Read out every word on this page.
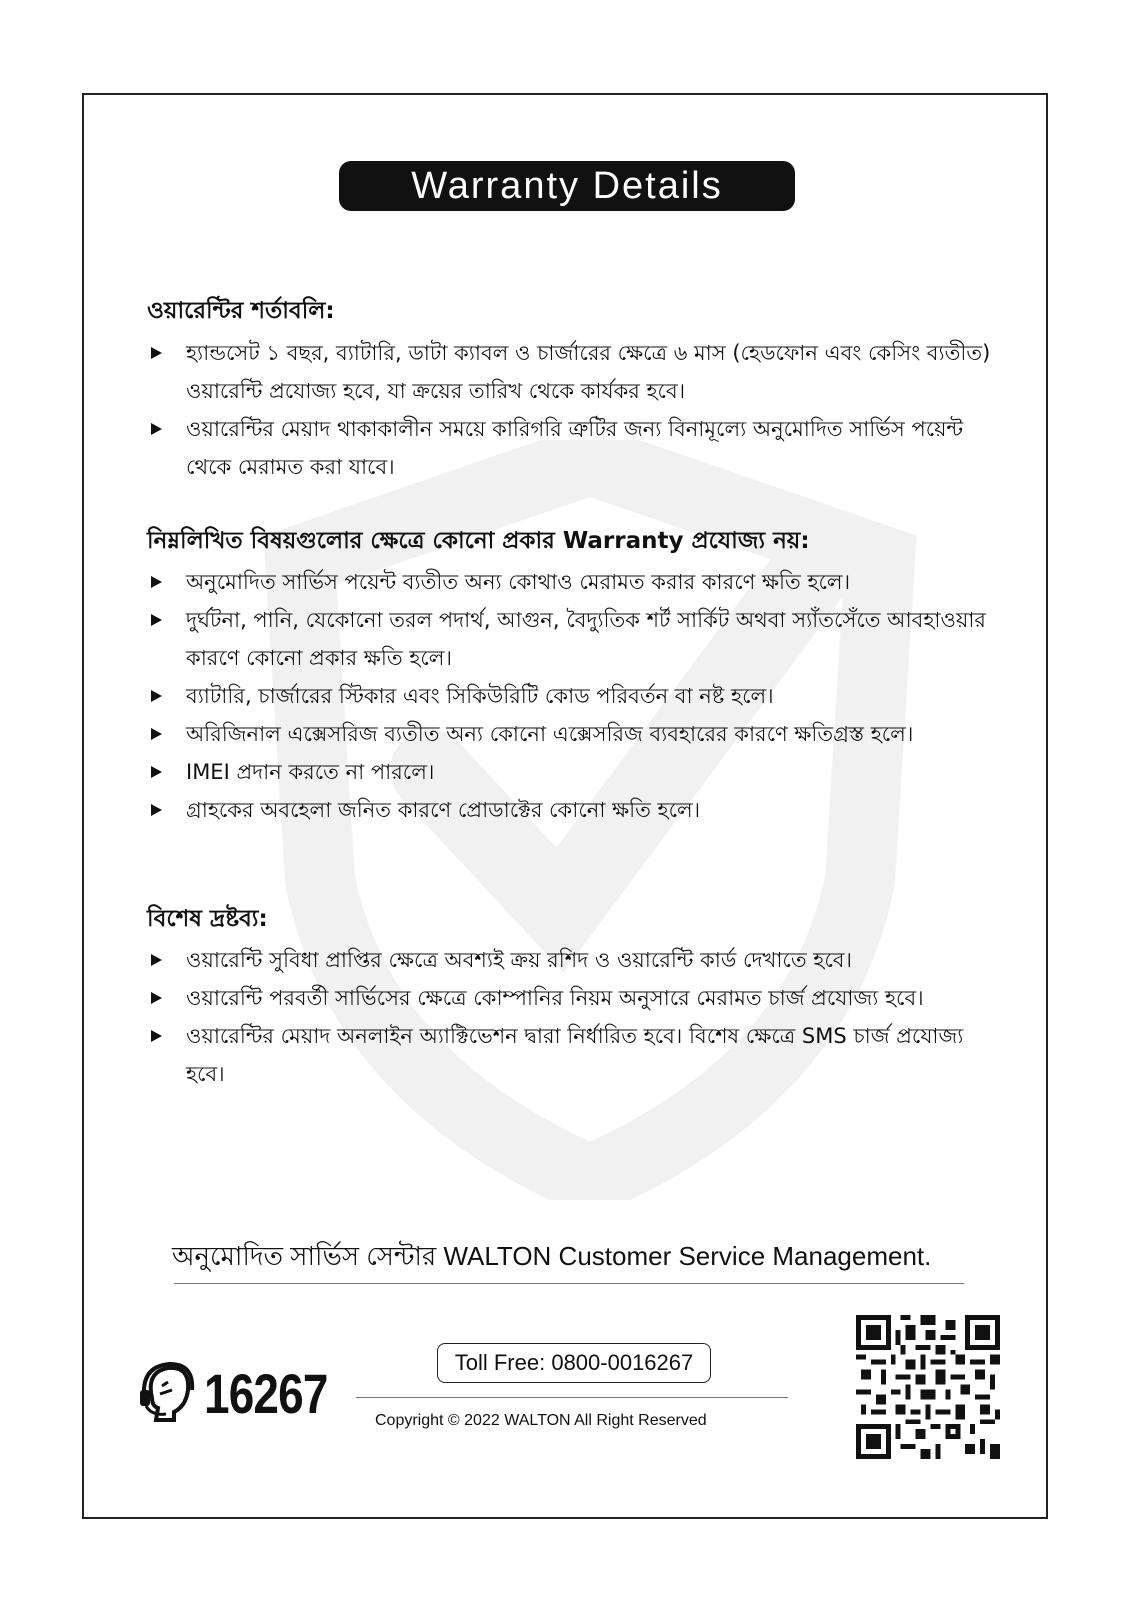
Warranty Details
ওয়ারেন্টির শর্তাবলি:
হ্যান্ডসেট ১ বছর, ব্যাটারি, ডাটা ক্যাবল ও চার্জারের ক্ষেত্রে ৬ মাস (হেডফোন এবং কেসিং ব্যতীত) ওয়ারেন্টি প্রযোজ্য হবে, যা ক্রয়ের তারিখ থেকে কার্যকর হবে।
ওয়ারেন্টির মেয়াদ থাকাকালীন সময়ে কারিগরি ত্রুটির জন্য বিনামূল্যে অনুমোদিত সার্ভিস পয়েন্ট থেকে মেরামত করা যাবে।
নিম্নলিখিত বিষয়গুলোর ক্ষেত্রে কোনো প্রকার Warranty প্রযোজ্য নয়:
অনুমোদিত সার্ভিস পয়েন্ট ব্যতীত অন্য কোথাও মেরামত করার কারণে ক্ষতি হলে।
দুর্ঘটনা, পানি, যেকোনো তরল পদার্থ, আগুন, বৈদ্যুতিক শর্ট সার্কিট অথবা স্যাঁতসেঁতে আবহাওয়ার কারণে কোনো প্রকার ক্ষতি হলে।
ব্যাটারি, চার্জারের স্টিকার এবং সিকিউরিটি কোড পরিবর্তন বা নষ্ট হলে।
অরিজিনাল এক্সেসরিজ ব্যতীত অন্য কোনো এক্সেসরিজ ব্যবহারের কারণে ক্ষতিগ্রস্ত হলে।
IMEI প্রদান করতে না পারলে।
গ্রাহকের অবহেলা জনিত কারণে প্রোডাক্টের কোনো ক্ষতি হলে।
বিশেষ দ্রষ্টব্য:
ওয়ারেন্টি সুবিধা প্রাপ্তির ক্ষেত্রে অবশ্যই ক্রয় রশিদ ও ওয়ারেন্টি কার্ড দেখাতে হবে।
ওয়ারেন্টি পরবর্তী সার্ভিসের ক্ষেত্রে কোম্পানির নিয়ম অনুসারে মেরামত চার্জ প্রযোজ্য হবে।
ওয়ারেন্টির মেয়াদ অনলাইন অ্যাক্টিভেশন দ্বারা নির্ধারিত হবে। বিশেষ ক্ষেত্রে SMS চার্জ প্রযোজ্য হবে।
অনুমোদিত সার্ভিস সেন্টার WALTON Customer Service Management.
16267	Toll Free: 0800-0016267
Copyright © 2022 WALTON All Right Reserved
